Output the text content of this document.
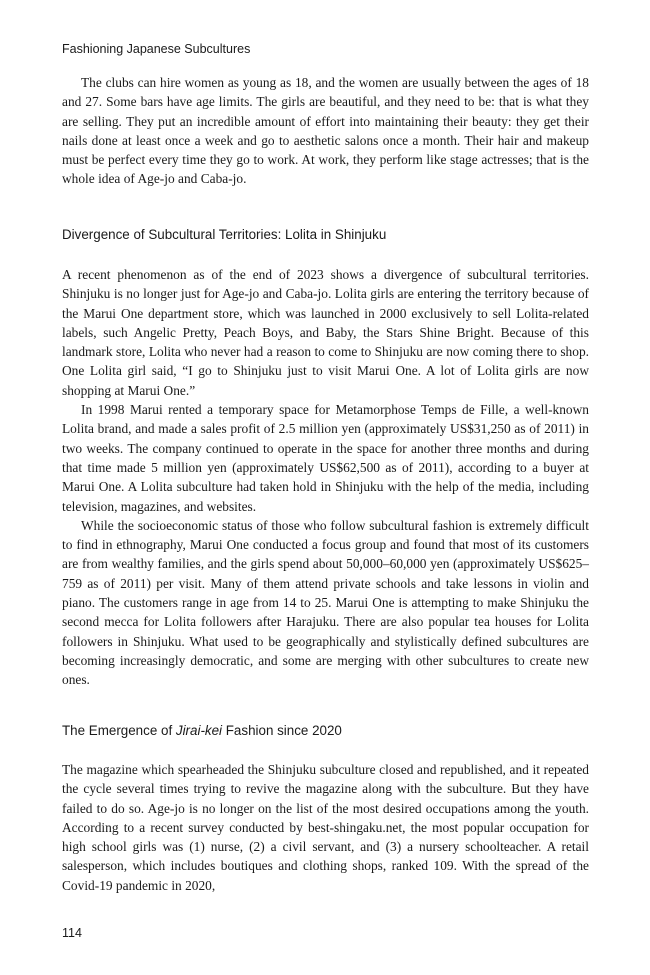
Fashioning Japanese Subcultures

The clubs can hire women as young as 18, and the women are usually between the ages of 18 and 27. Some bars have age limits. The girls are beautiful, and they need to be: that is what they are selling. They put an incredible amount of effort into maintaining their beauty: they get their nails done at least once a week and go to aesthetic salons once a month. Their hair and makeup must be perfect every time they go to work. At work, they perform like stage actresses; that is the whole idea of Age-jo and Caba-jo.

Divergence of Subcultural Territories: Lolita in Shinjuku

A recent phenomenon as of the end of 2023 shows a divergence of subcultural territories. Shinjuku is no longer just for Age-jo and Caba-jo. Lolita girls are entering the territory because of the Marui One department store, which was launched in 2000 exclusively to sell Lolita-related labels, such Angelic Pretty, Peach Boys, and Baby, the Stars Shine Bright. Because of this landmark store, Lolita who never had a reason to come to Shinjuku are now coming there to shop. One Lolita girl said, “I go to Shinjuku just to visit Marui One. A lot of Lolita girls are now shopping at Marui One.”

In 1998 Marui rented a temporary space for Metamorphose Temps de Fille, a well-known Lolita brand, and made a sales profit of 2.5 million yen (approximately US$31,250 as of 2011) in two weeks. The company continued to operate in the space for another three months and during that time made 5 million yen (approximately US$62,500 as of 2011), according to a buyer at Marui One. A Lolita subculture had taken hold in Shinjuku with the help of the media, including television, magazines, and websites.

While the socioeconomic status of those who follow subcultural fashion is extremely difficult to find in ethnography, Marui One conducted a focus group and found that most of its customers are from wealthy families, and the girls spend about 50,000–60,000 yen (approximately US$625–759 as of 2011) per visit. Many of them attend private schools and take lessons in violin and piano. The customers range in age from 14 to 25. Marui One is attempting to make Shinjuku the second mecca for Lolita followers after Harajuku. There are also popular tea houses for Lolita followers in Shinjuku. What used to be geographically and stylistically defined subcultures are becoming increasingly democratic, and some are merging with other subcultures to create new ones.

The Emergence of Jirai-kei Fashion since 2020

The magazine which spearheaded the Shinjuku subculture closed and republished, and it repeated the cycle several times trying to revive the magazine along with the subculture. But they have failed to do so. Age-jo is no longer on the list of the most desired occupations among the youth. According to a recent survey conducted by best-shingaku.net, the most popular occupation for high school girls was (1) nurse, (2) a civil servant, and (3) a nursery schoolteacher. A retail salesperson, which includes boutiques and clothing shops, ranked 109. With the spread of the Covid-19 pandemic in 2020,

114
